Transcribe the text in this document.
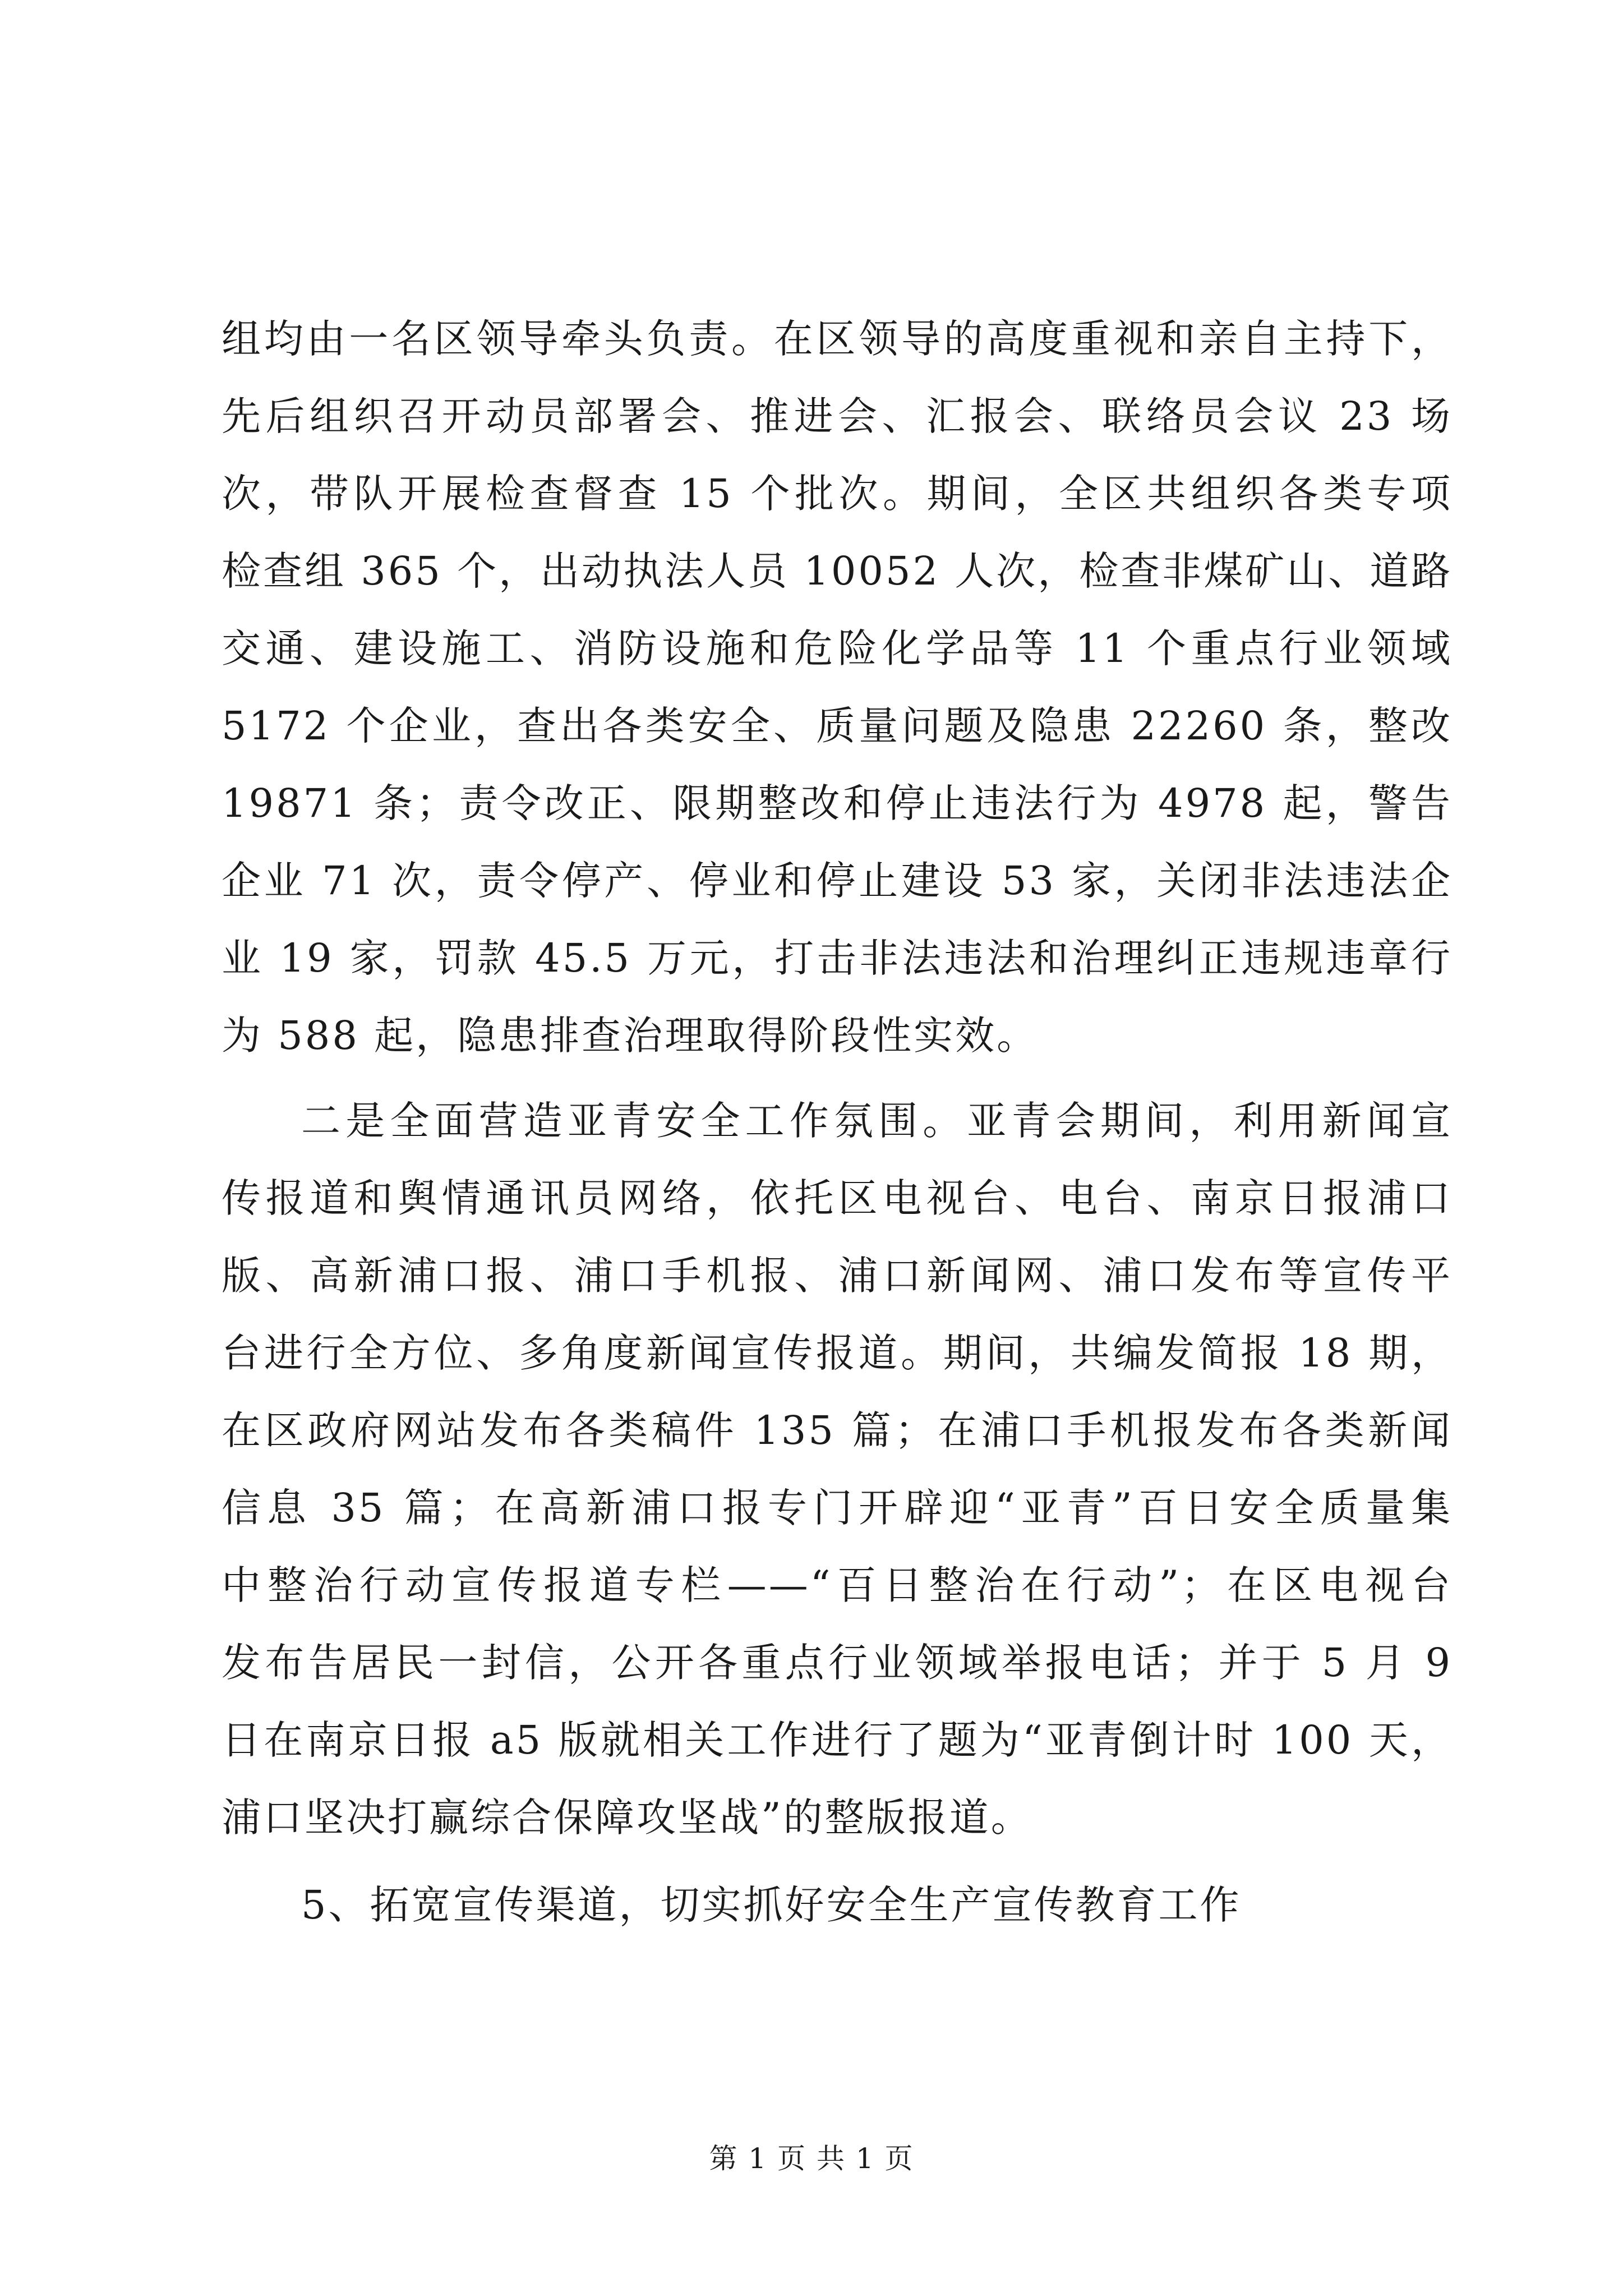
组均由一名区领导牵头负责。在区领导的高度重视和亲自主持下，
先后组织召开动员部署会、推进会、汇报会、联络员会议 23 场
次，带队开展检查督查 15 个批次。期间，全区共组织各类专项
检查组 365 个，出动执法人员 10052 人次，检查非煤矿山、道路
交通、建设施工、消防设施和危险化学品等 11 个重点行业领域
5172 个企业，查出各类安全、质量问题及隐患 22260 条，整改
19871 条；责令改正、限期整改和停止违法行为 4978 起，警告
企业 71 次，责令停产、停业和停止建设 53 家，关闭非法违法企
业 19 家，罚款 45.5 万元，打击非法违法和治理纠正违规违章行
为 588 起，隐患排查治理取得阶段性实效。
二是全面营造亚青安全工作氛围。亚青会期间，利用新闻宣
传报道和舆情通讯员网络，依托区电视台、电台、南京日报浦口
版、高新浦口报、浦口手机报、浦口新闻网、浦口发布等宣传平
台进行全方位、多角度新闻宣传报道。期间，共编发简报 18 期，
在区政府网站发布各类稿件 135 篇；在浦口手机报发布各类新闻
信息 35 篇；在高新浦口报专门开辟迎“亚青”百日安全质量集
中整治行动宣传报道专栏——“百日整治在行动”；在区电视台
发布告居民一封信，公开各重点行业领域举报电话；并于 5 月 9
日在南京日报 a5 版就相关工作进行了题为“亚青倒计时 100 天，
浦口坚决打赢综合保障攻坚战”的整版报道。
5、拓宽宣传渠道，切实抓好安全生产宣传教育工作
第 1 页 共 1 页
